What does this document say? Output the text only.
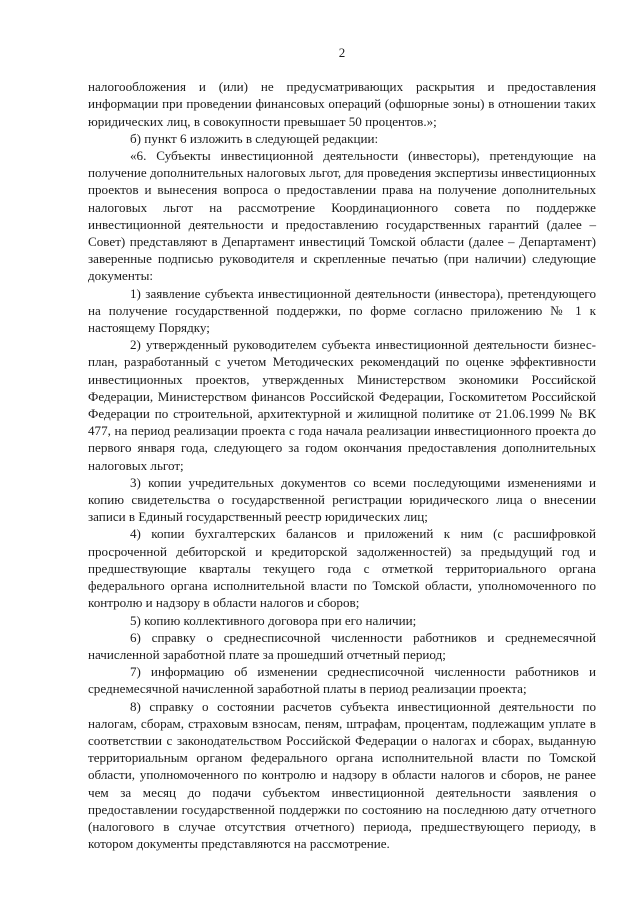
2

налогообложения и (или) не предусматривающих раскрытия и предоставления информации при проведении финансовых операций (офшорные зоны) в отношении таких юридических лиц, в совокупности превышает 50 процентов.»;

б) пункт 6 изложить в следующей редакции:

«6. Субъекты инвестиционной деятельности (инвесторы), претендующие на получение дополнительных налоговых льгот, для проведения экспертизы инвестиционных проектов и вынесения вопроса о предоставлении права на получение дополнительных налоговых льгот на рассмотрение Координационного совета по поддержке инвестиционной деятельности и предоставлению государственных гарантий (далее – Совет) представляют в Департамент инвестиций Томской области (далее – Департамент) заверенные подписью руководителя и скрепленные печатью (при наличии) следующие документы:

1) заявление субъекта инвестиционной деятельности (инвестора), претендующего на получение государственной поддержки, по форме согласно приложению № 1 к настоящему Порядку;

2) утвержденный руководителем субъекта инвестиционной деятельности бизнес-план, разработанный с учетом Методических рекомендаций по оценке эффективности инвестиционных проектов, утвержденных Министерством экономики Российской Федерации, Министерством финансов Российской Федерации, Госкомитетом Российской Федерации по строительной, архитектурной и жилищной политике от 21.06.1999 № ВК 477, на период реализации проекта с года начала реализации инвестиционного проекта до первого января года, следующего за годом окончания предоставления дополнительных налоговых льгот;

3) копии учредительных документов со всеми последующими изменениями и копию свидетельства о государственной регистрации юридического лица о внесении записи в Единый государственный реестр юридических лиц;

4) копии бухгалтерских балансов и приложений к ним (с расшифровкой просроченной дебиторской и кредиторской задолженностей) за предыдущий год и предшествующие кварталы текущего года с отметкой территориального органа федерального органа исполнительной власти по Томской области, уполномоченного по контролю и надзору в области налогов и сборов;

5) копию коллективного договора при его наличии;

6) справку о среднесписочной численности работников и среднемесячной начисленной заработной плате за прошедший отчетный период;

7) информацию об изменении среднесписочной численности работников и среднемесячной начисленной заработной платы в период реализации проекта;

8) справку о состоянии расчетов субъекта инвестиционной деятельности по налогам, сборам, страховым взносам, пеням, штрафам, процентам, подлежащим уплате в соответствии с законодательством Российской Федерации о налогах и сборах, выданную территориальным органом федерального органа исполнительной власти по Томской области, уполномоченного по контролю и надзору в области налогов и сборов, не ранее чем за месяц до подачи субъектом инвестиционной деятельности заявления о предоставлении государственной поддержки по состоянию на последнюю дату отчетного (налогового в случае отсутствия отчетного) периода, предшествующего периоду, в котором документы представляются на рассмотрение.
